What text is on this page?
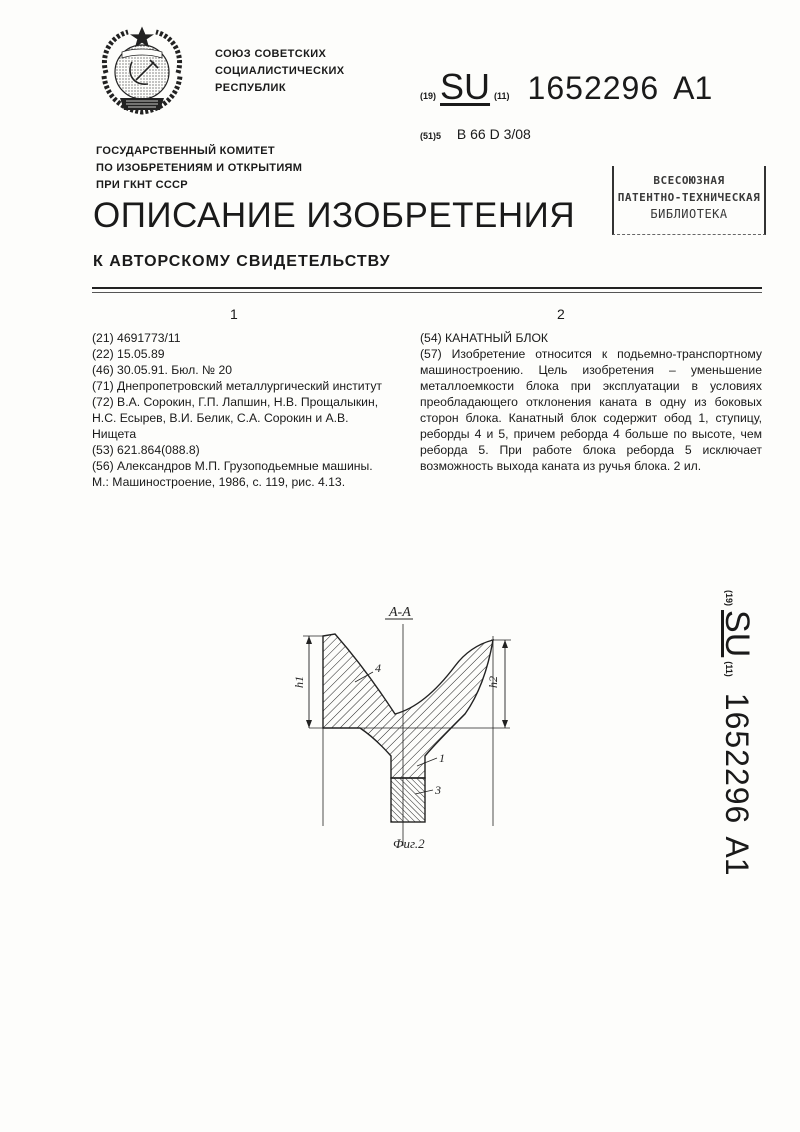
СОЮЗ СОВЕТСКИХ
СОЦИАЛИСТИЧЕСКИХ
РЕСПУБЛИК
(19) SU (11) 1652296 A1
(51)5 B 66 D 3/08
ГОСУДАРСТВЕННЫЙ КОМИТЕТ
ПО ИЗОБРЕТЕНИЯМ И ОТКРЫТИЯМ
ПРИ ГКНТ СССР	ВСЕСОЮЗНАЯ
ПАТЕНТНО-ТЕХНИЧЕСКАЯ
БИБЛИОТЕКА
ОПИСАНИЕ ИЗОБРЕТЕНИЯ
К АВТОРСКОМУ СВИДЕТЕЛЬСТВУ
1	2

(21) 4691773/11

(22) 15.05.89

(46) 30.05.91. Бюл. № 20

(71) Днепропетровский металлургический институт

(72) В.А. Сорокин, Г.П. Лапшин, Н.В. Прощалыкин, Н.С. Есырев, В.И. Белик, С.А. Сорокин и А.В. Нищета

(53) 621.864(088.8)

(56) Александров М.П. Грузоподьемные машины. М.: Машиностроение, 1986, с. 119, рис. 4.13.

(54) КАНАТНЫЙ БЛОК

(57) Изобретение относится к подьемно-транспортному машиностроению. Цель изобретения – уменьшение металлоемкости блока при эксплуатации в условиях преобладающего отклонения каната в одну из боковых сторон блока. Канатный блок содержит обод 1, ступицу, реборды 4 и 5, причем реборда 4 больше по высоте, чем реборда 5. При работе блока реборда 5 исключает возможность выхода каната из ручья блока. 2 ил.

А-А
h1	h2
4
1
3
Фиг.2
(19)
SU
(11)
1652296
A1
